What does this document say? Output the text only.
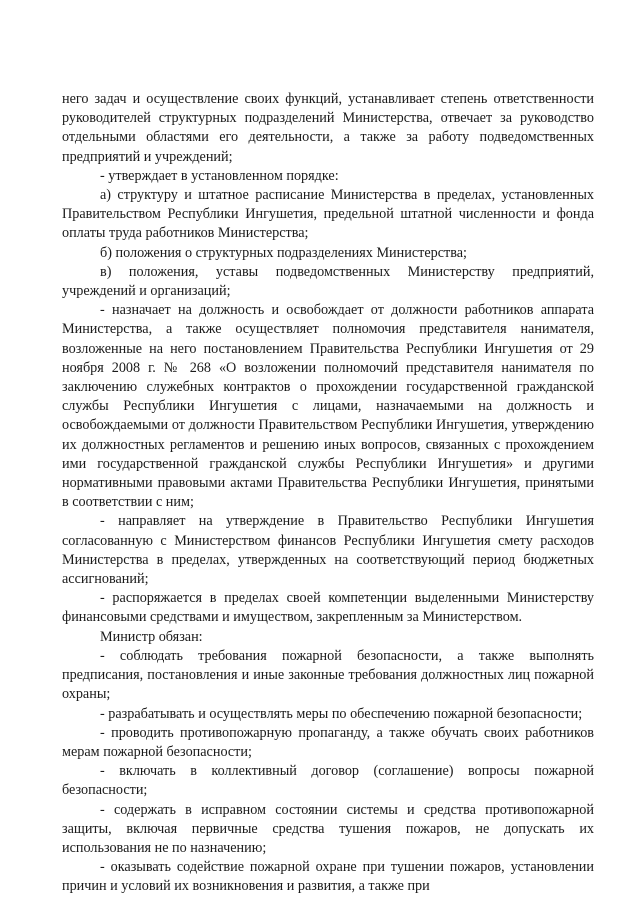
него задач и осуществление своих функций, устанавливает степень ответственности руководителей структурных подразделений Министерства, отвечает за руководство отдельными областями его деятельности, а также за работу подведомственных предприятий и учреждений;

- утверждает в установленном порядке:

а) структуру и штатное расписание Министерства в пределах, установленных Правительством Республики Ингушетия, предельной штатной численности и фонда оплаты труда работников Министерства;

б) положения о структурных подразделениях Министерства;

в) положения, уставы подведомственных Министерству предприятий, учреждений и организаций;

- назначает на должность и освобождает от должности работников аппарата Министерства, а также осуществляет полномочия представителя нанимателя, возложенные на него постановлением Правительства Республики Ингушетия от 29 ноября 2008 г. № 268 «О возложении полномочий представителя нанимателя по заключению служебных контрактов о прохождении государственной гражданской службы Республики Ингушетия с лицами, назначаемыми на должность и освобождаемыми от должности Правительством Республики Ингушетия, утверждению их должностных регламентов и решению иных вопросов, связанных с прохождением ими государственной гражданской службы Республики Ингушетия» и другими нормативными правовыми актами Правительства Республики Ингушетия, принятыми в соответствии с ним;

- направляет на утверждение в Правительство Республики Ингушетия согласованную с Министерством финансов Республики Ингушетия смету расходов Министерства в пределах, утвержденных на соответствующий период бюджетных ассигнований;

- распоряжается в пределах своей компетенции выделенными Министерству финансовыми средствами и имуществом, закрепленным за Министерством.

Министр обязан:

- соблюдать требования пожарной безопасности, а также выполнять предписания, постановления и иные законные требования должностных лиц пожарной охраны;

- разрабатывать и осуществлять меры по обеспечению пожарной безопасности;

- проводить противопожарную пропаганду, а также обучать своих работников мерам пожарной безопасности;

- включать в коллективный договор (соглашение) вопросы пожарной безопасности;

- содержать в исправном состоянии системы и средства противопожарной защиты, включая первичные средства тушения пожаров, не допускать их использования не по назначению;

- оказывать содействие пожарной охране при тушении пожаров, установлении причин и условий их возникновения и развития, а также при
